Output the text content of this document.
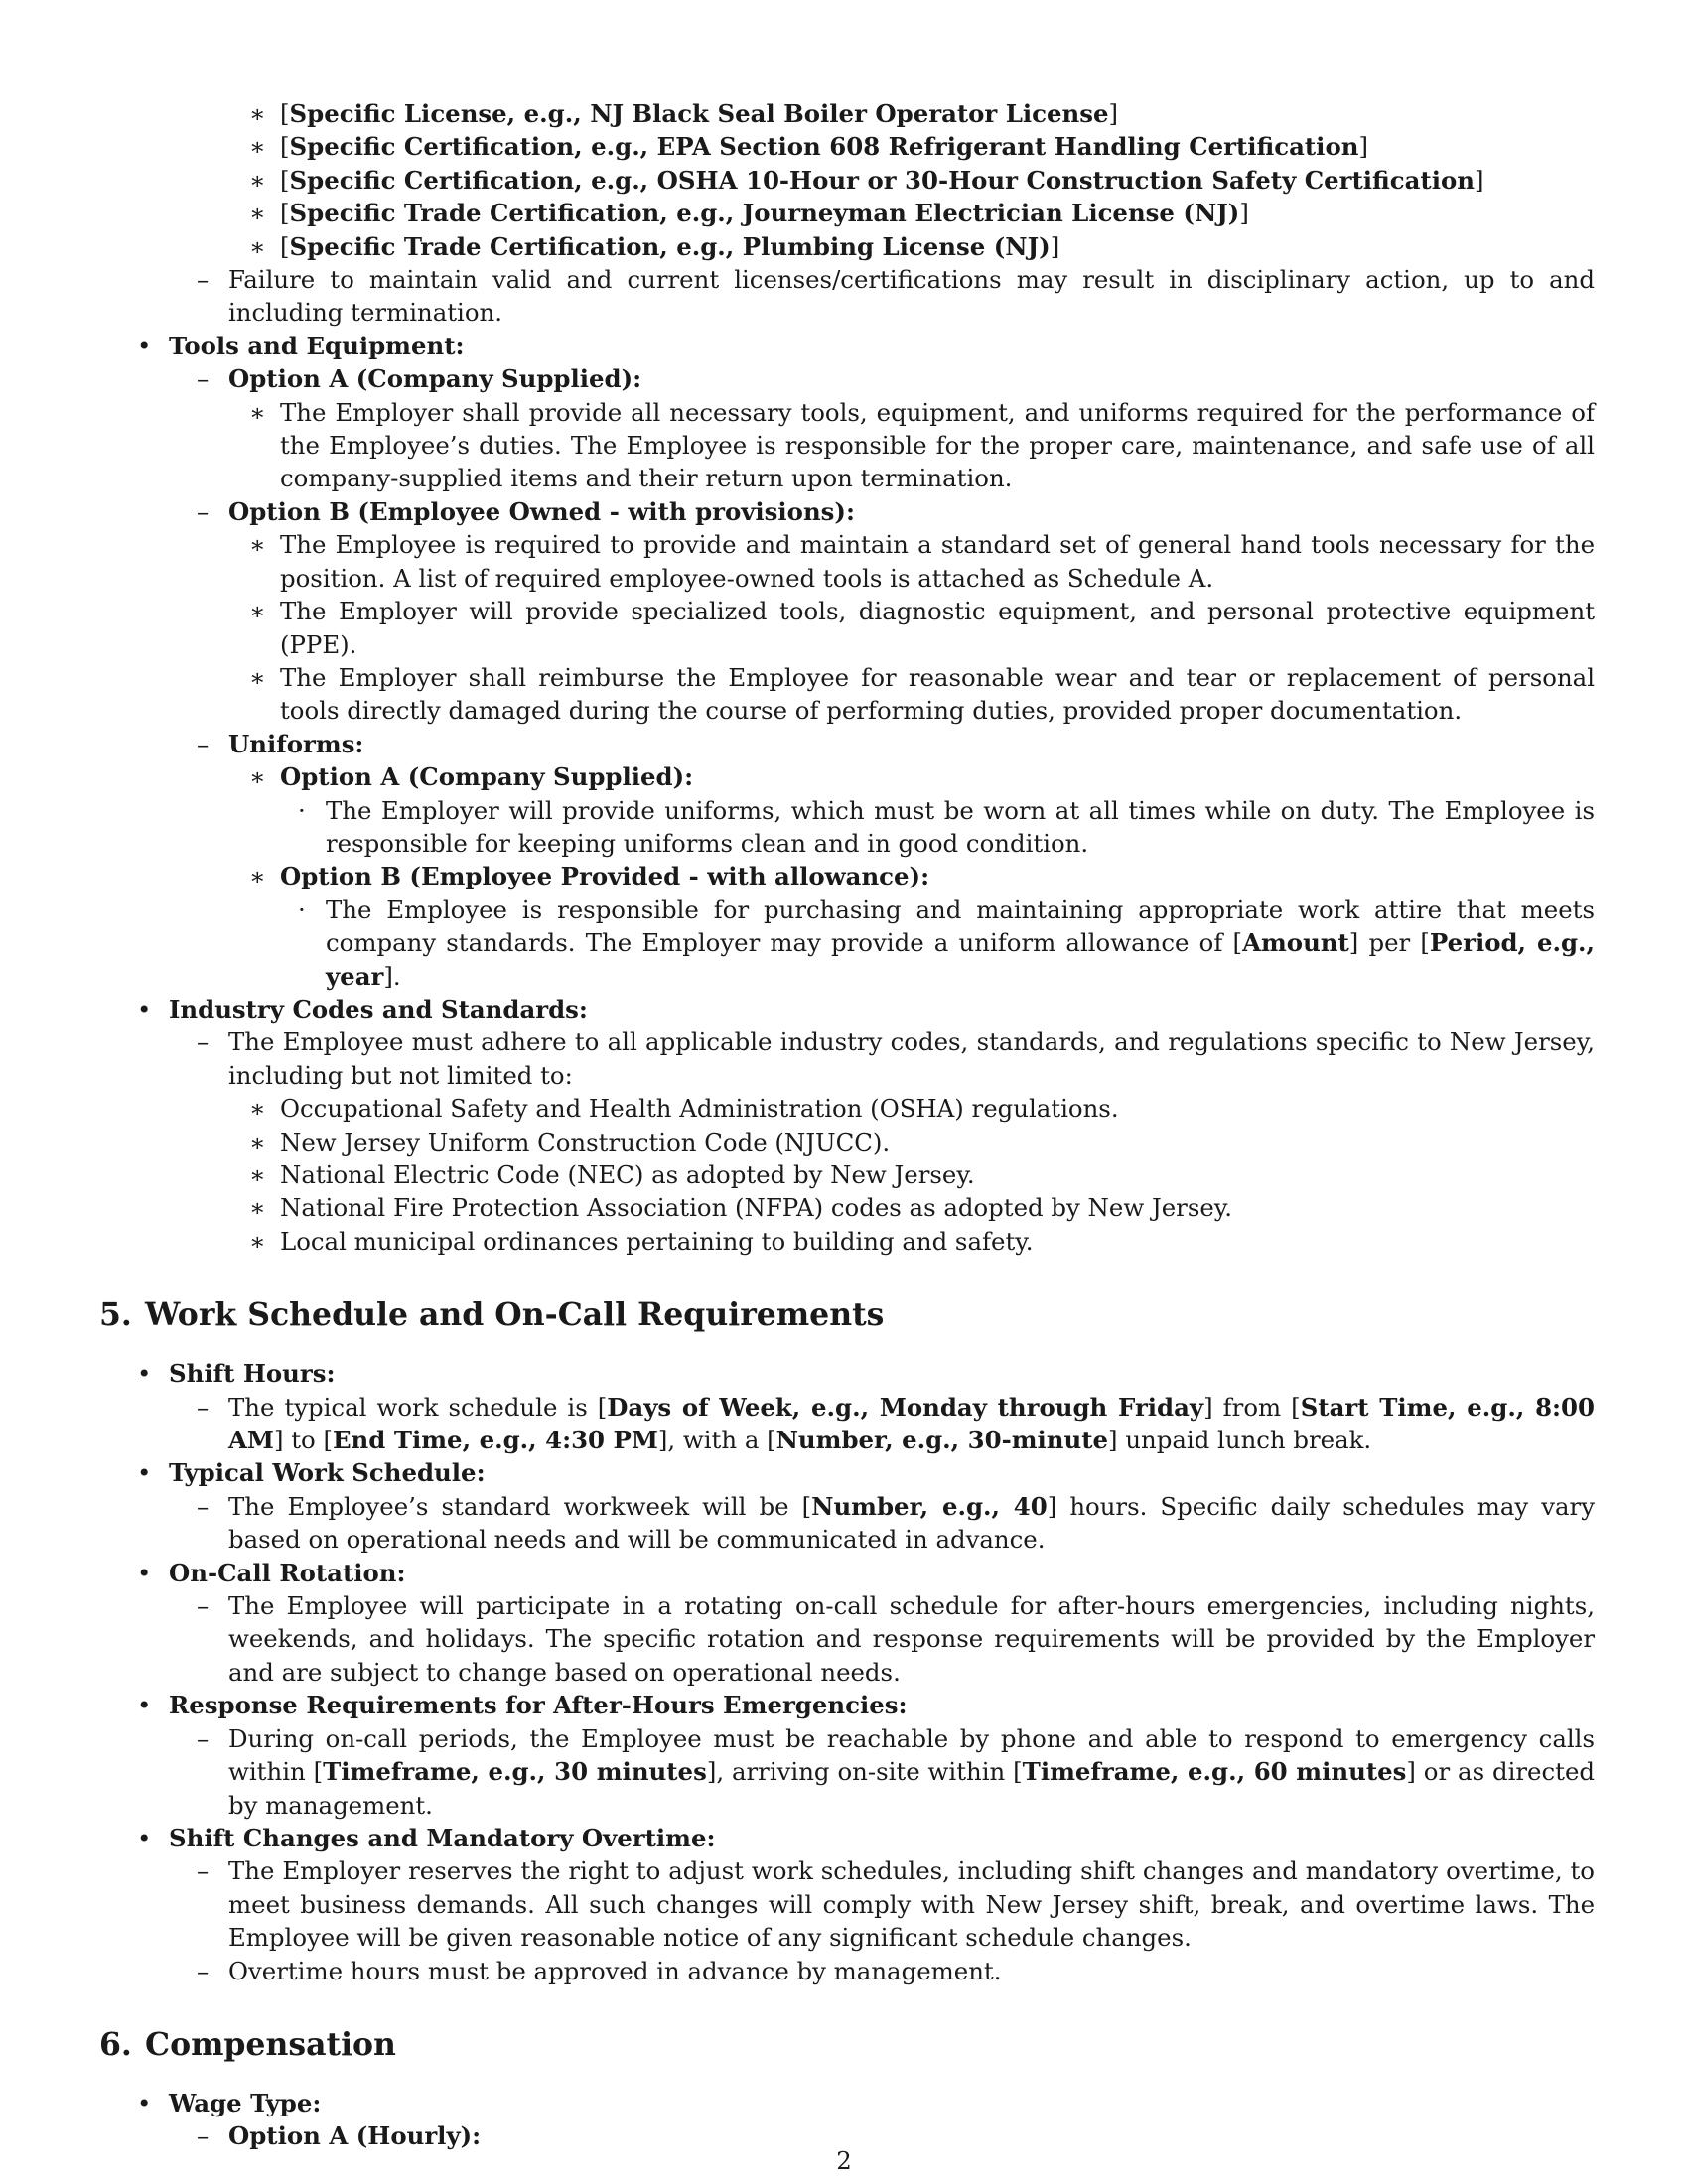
∗ [Specific License, e.g., NJ Black Seal Boiler Operator License]
∗ [Specific Certification, e.g., EPA Section 608 Refrigerant Handling Certification]
∗ [Specific Certification, e.g., OSHA 10-Hour or 30-Hour Construction Safety Certification]
∗ [Specific Trade Certification, e.g., Journeyman Electrician License (NJ)]
∗ [Specific Trade Certification, e.g., Plumbing License (NJ)]
– Failure to maintain valid and current licenses/certifications may result in disciplinary action, up to and including termination.
• Tools and Equipment:
– Option A (Company Supplied):
∗ The Employer shall provide all necessary tools, equipment, and uniforms required for the performance of the Employee’s duties. The Employee is responsible for the proper care, maintenance, and safe use of all company-supplied items and their return upon termination.
– Option B (Employee Owned - with provisions):
∗ The Employee is required to provide and maintain a standard set of general hand tools necessary for the position. A list of required employee-owned tools is attached as Schedule A.
∗ The Employer will provide specialized tools, diagnostic equipment, and personal protective equipment (PPE).
∗ The Employer shall reimburse the Employee for reasonable wear and tear or replacement of personal tools directly damaged during the course of performing duties, provided proper documentation.
– Uniforms:
∗ Option A (Company Supplied):
· The Employer will provide uniforms, which must be worn at all times while on duty. The Employee is responsible for keeping uniforms clean and in good condition.
∗ Option B (Employee Provided - with allowance):
· The Employee is responsible for purchasing and maintaining appropriate work attire that meets company standards. The Employer may provide a uniform allowance of [Amount] per [Period, e.g., year].
• Industry Codes and Standards:
– The Employee must adhere to all applicable industry codes, standards, and regulations specific to New Jersey, including but not limited to:
∗ Occupational Safety and Health Administration (OSHA) regulations.
∗ New Jersey Uniform Construction Code (NJUCC).
∗ National Electric Code (NEC) as adopted by New Jersey.
∗ National Fire Protection Association (NFPA) codes as adopted by New Jersey.
∗ Local municipal ordinances pertaining to building and safety.
5. Work Schedule and On-Call Requirements
• Shift Hours:
– The typical work schedule is [Days of Week, e.g., Monday through Friday] from [Start Time, e.g., 8:00 AM] to [End Time, e.g., 4:30 PM], with a [Number, e.g., 30-minute] unpaid lunch break.
• Typical Work Schedule:
– The Employee’s standard workweek will be [Number, e.g., 40] hours. Specific daily schedules may vary based on operational needs and will be communicated in advance.
• On-Call Rotation:
– The Employee will participate in a rotating on-call schedule for after-hours emergencies, including nights, weekends, and holidays. The specific rotation and response requirements will be provided by the Employer and are subject to change based on operational needs.
• Response Requirements for After-Hours Emergencies:
– During on-call periods, the Employee must be reachable by phone and able to respond to emergency calls within [Timeframe, e.g., 30 minutes], arriving on-site within [Timeframe, e.g., 60 minutes] or as directed by management.
• Shift Changes and Mandatory Overtime:
– The Employer reserves the right to adjust work schedules, including shift changes and mandatory overtime, to meet business demands. All such changes will comply with New Jersey shift, break, and overtime laws. The Employee will be given reasonable notice of any significant schedule changes.
– Overtime hours must be approved in advance by management.
6. Compensation
• Wage Type:
– Option A (Hourly):
2
